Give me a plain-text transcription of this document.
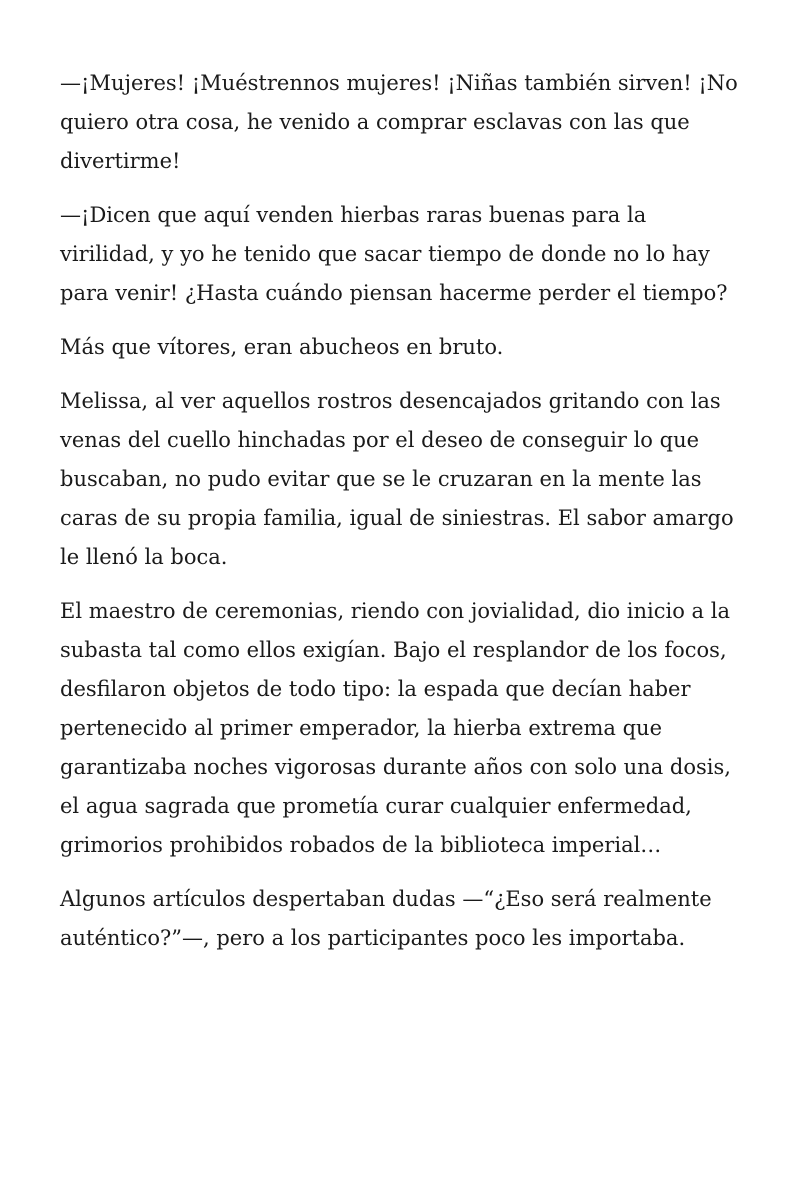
—¡Mujeres! ¡Muéstrennos mujeres! ¡Niñas también sirven! ¡No quiero otra cosa, he venido a comprar esclavas con las que divertirme!

—¡Dicen que aquí venden hierbas raras buenas para la virilidad, y yo he tenido que sacar tiempo de donde no lo hay para venir! ¿Hasta cuándo piensan hacerme perder el tiempo?

Más que vítores, eran abucheos en bruto.

Melissa, al ver aquellos rostros desencajados gritando con las venas del cuello hinchadas por el deseo de conseguir lo que buscaban, no pudo evitar que se le cruzaran en la mente las caras de su propia familia, igual de siniestras. El sabor amargo le llenó la boca.

El maestro de ceremonias, riendo con jovialidad, dio inicio a la subasta tal como ellos exigían. Bajo el resplandor de los focos, desfilaron objetos de todo tipo: la espada que decían haber pertenecido al primer emperador, la hierba extrema que garantizaba noches vigorosas durante años con solo una dosis, el agua sagrada que prometía curar cualquier enfermedad, grimorios prohibidos robados de la biblioteca imperial…

Algunos artículos despertaban dudas —“¿Eso será realmente auténtico?”—, pero a los participantes poco les importaba.
